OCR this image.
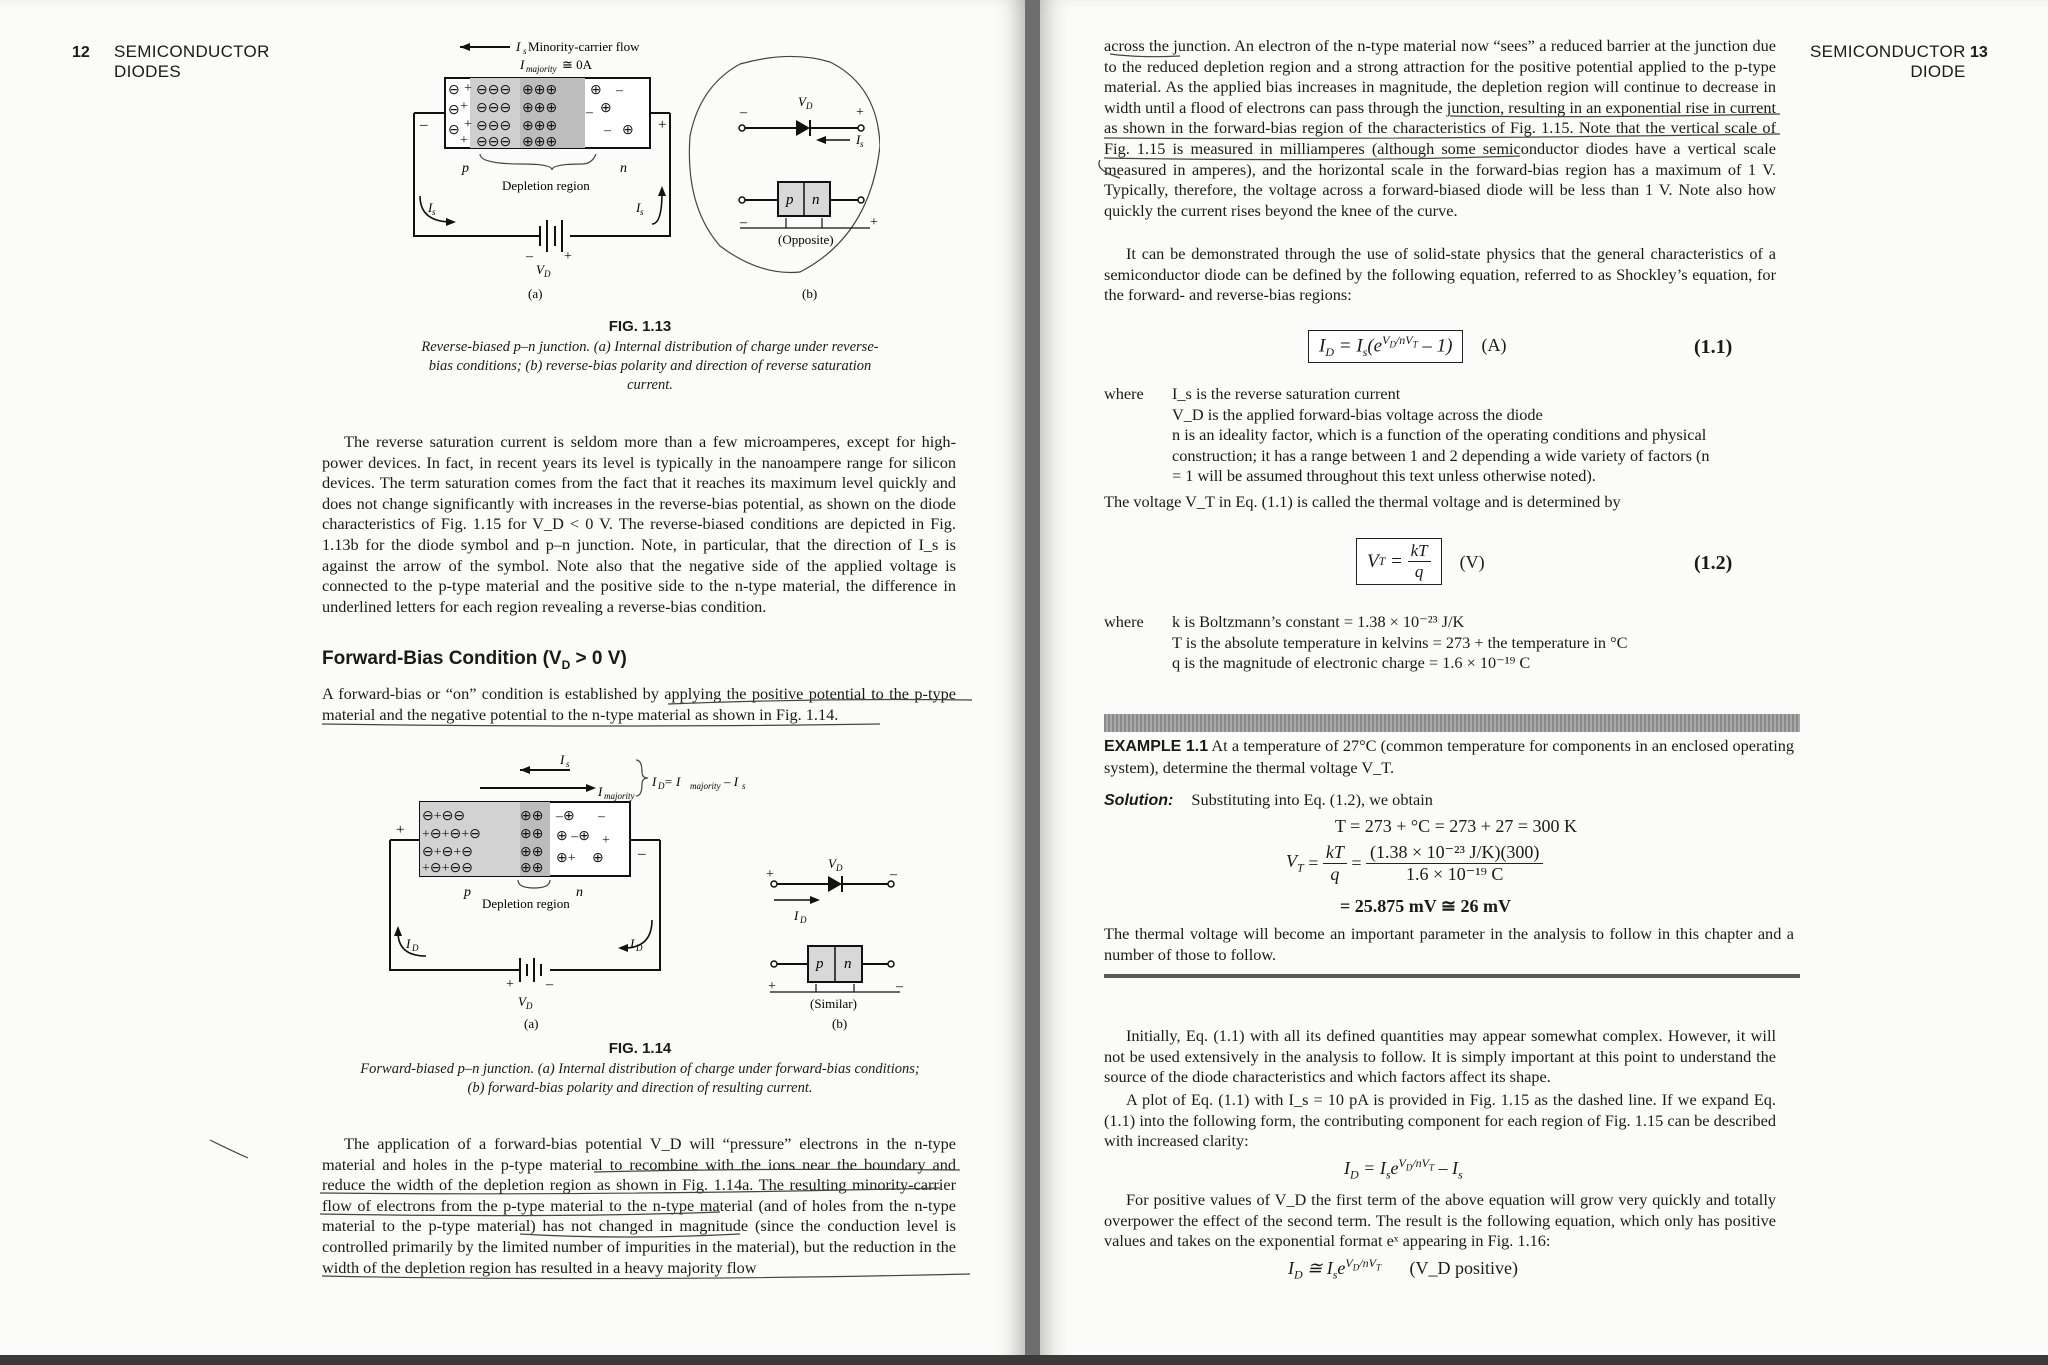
12 SEMICONDUCTOR
DIODES
I s Minority-carrier flow
I majority ≅ 0A
⊖
⊖
⊖
+
+
+
+
⊖⊖⊖
⊖⊖⊖
⊖⊖⊖
⊖⊖⊖
⊕⊕⊕
⊕⊕⊕
⊕⊕⊕
⊕⊕⊕
⊕ –
⊕
–
– ⊕
–	+
p	n
Depletion region
– +
V D
I s	I s
(a)
V D
–	+
I s
p n
–	+
(Opposite)
(b)
FIG. 1.13
Reverse-biased p–n junction. (a) Internal distribution of charge under reverse-bias conditions; (b) reverse-bias polarity and direction of reverse saturation current.
The reverse saturation current is seldom more than a few microamperes, except for high-power devices. In fact, in recent years its level is typically in the nanoampere range for silicon devices. The term saturation comes from the fact that it reaches its maximum level quickly and does not change significantly with increases in the reverse-bias potential, as shown on the diode characteristics of Fig. 1.15 for V_D < 0 V. The reverse-biased conditions are depicted in Fig. 1.13b for the diode symbol and p–n junction. Note, in particular, that the direction of I_s is against the arrow of the symbol. Note also that the negative side of the applied voltage is connected to the p-type material and the positive side to the n-type material, the difference in underlined letters for each region revealing a reverse-bias condition.
Forward-Bias Condition ($V_D > 0$ V)
A forward-bias or “on” condition is established by applying the positive potential to the p-type material and the negative potential to the n-type material as shown in Fig. 1.14.
I s
I majority
I D = I majority – I s
⊖+⊖⊖
+⊖+⊖+⊖
⊖+⊖+⊖
+⊖+⊖⊖
⊕⊕
⊕⊕
⊕⊕
⊕⊕
–⊕ –
⊕ –⊕ +
⊕+ ⊕
+
–
p	n
Depletion region
+ –
V D
(a)
I D	I D
+	–
V D
I D
p n
+	–
(Similar)
(b)
FIG. 1.14
Forward-biased p–n junction. (a) Internal distribution of charge under forward-bias conditions; (b) forward-bias polarity and direction of resulting current.
The application of a forward-bias potential V_D will “pressure” electrons in the n-type material and holes in the p-type material to recombine with the ions near the boundary and reduce the width of the depletion region as shown in Fig. 1.14a. The resulting minority-carrier flow of electrons from the p-type material to the n-type material (and of holes from the n-type material to the p-type material) has not changed in magnitude (since the conduction level is controlled primarily by the limited number of impurities in the material), but the reduction in the width of the depletion region has resulted in a heavy majority flow
SEMICONDUCTOR
DIODE
13
across the junction. An electron of the n-type material now “sees” a reduced barrier at the junction due to the reduced depletion region and a strong attraction for the positive potential applied to the p-type material. As the applied bias increases in magnitude, the depletion region will continue to decrease in width until a flood of electrons can pass through the junction, resulting in an exponential rise in current as shown in the forward-bias region of the characteristics of Fig. 1.15. Note that the vertical scale of Fig. 1.15 is measured in milliamperes (although some semiconductor diodes have a vertical scale measured in amperes), and the horizontal scale in the forward-bias region has a maximum of 1 V. Typically, therefore, the voltage across a forward-biased diode will be less than 1 V. Note also how quickly the current rises beyond the knee of the curve.
It can be demonstrated through the use of solid-state physics that the general characteristics of a semiconductor diode can be defined by the following equation, referred to as Shockley’s equation, for the forward- and reverse-bias regions:
$I_D = I_s(e^{V_D/nV_T} - 1)$ (A)	(1.1)
where I_s is the reverse saturation current
V_D is the applied forward-bias voltage across the diode
n is an ideality factor, which is a function of the operating conditions and physical construction; it has a range between 1 and 2 depending a wide variety of factors (n = 1 will be assumed throughout this text unless otherwise noted).
The voltage V_T in Eq. (1.1) is called the thermal voltage and is determined by
V T = kT
q (V)	(1.2)
where k is Boltzmann’s constant = 1.38 × 10⁻²³ J/K
T is the absolute temperature in kelvins = 273 + the temperature in °C
q is the magnitude of electronic charge = 1.6 × 10⁻¹⁹ C
EXAMPLE 1.1 At a temperature of 27°C (common temperature for components in an enclosed operating system), determine the thermal voltage V_T.
Solution: Substituting into Eq. (1.2), we obtain
T = 273 + °C = 273 + 27 = 300 K
$V_T$ =
kT
q
= $\frac{\text{(1.38 × 10⁻²³ J/K)(300)}}{\text{1.6 × 10⁻¹⁹ C}}$
= 25.875 mV ≅ 26 mV
The thermal voltage will become an important parameter in the analysis to follow in this chapter and a number of those to follow.
Initially, Eq. (1.1) with all its defined quantities may appear somewhat complex. However, it will not be used extensively in the analysis to follow. It is simply important at this point to understand the source of the diode characteristics and which factors affect its shape.
A plot of Eq. (1.1) with I_s = 10 pA is provided in Fig. 1.15 as the dashed line. If we expand Eq. (1.1) into the following form, the contributing component for each region of Fig. 1.15 can be described with increased clarity:
$I_D = I_se^{V_D/nV_T} - I_s$
For positive values of V_D the first term of the above equation will grow very quickly and totally overpower the effect of the second term. The result is the following equation, which only has positive values and takes on the exponential format eˣ appearing in Fig. 1.16:
$I_D$ ≅ $I_se^{V_D/nV_T}$ (V_D positive)
